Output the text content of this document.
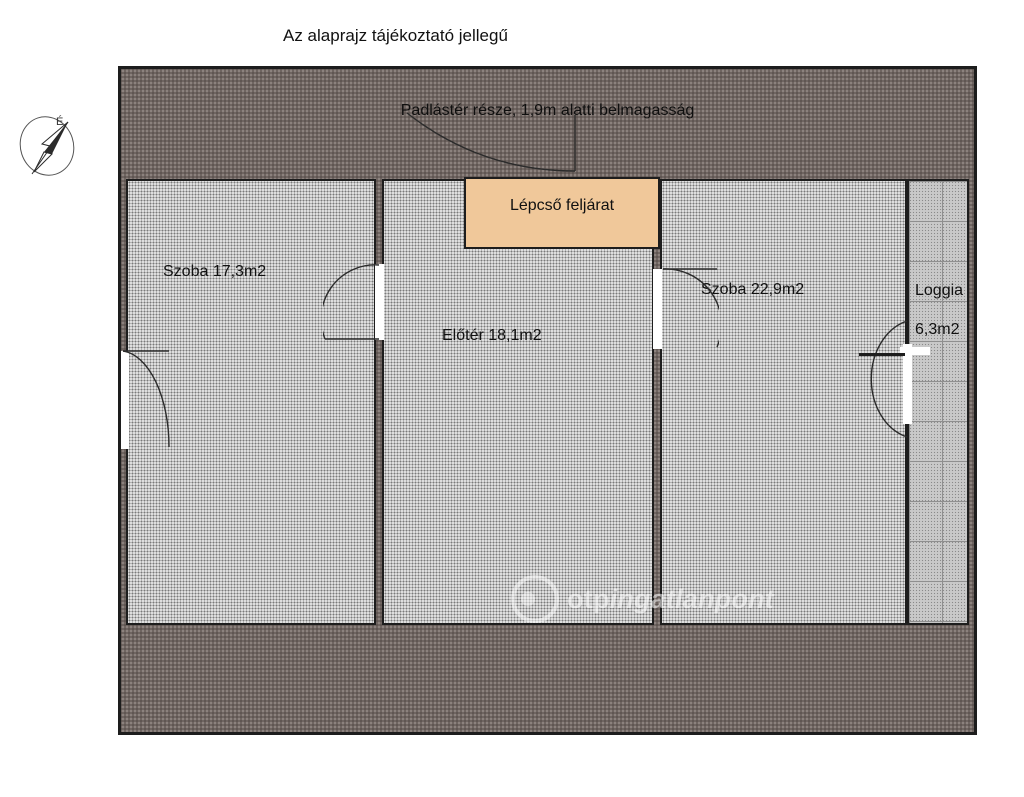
Az alaprajz tájékoztató jellegű
É
Padlástér része, 1,9m alatti belmagasság
Szoba 17,3m2
Előtér 18,1m2
Szoba 22,9m2	Loggia
6,3m2
Lépcső feljárat
otpingatlanpont
